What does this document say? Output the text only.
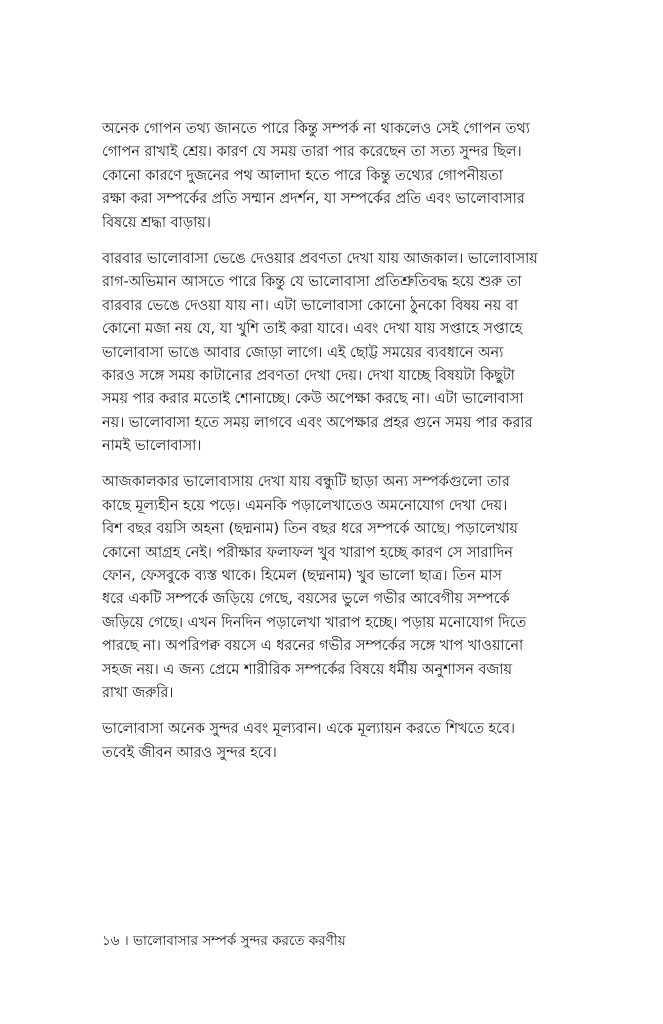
অনেক গোপন তথ্য জানতে পারে কিন্তু সম্পর্ক না থাকলেও সেই গোপন তথ্য
গোপন রাখাই শ্রেয়। কারণ যে সময় তারা পার করেছেন তা সত্য সুন্দর ছিল।
কোনো কারণে দুজনের পথ আলাদা হতে পারে কিন্তু তথ্যের গোপনীয়তা
রক্ষা করা সম্পর্কের প্রতি সম্মান প্রদর্শন, যা সম্পর্কের প্রতি এবং ভালোবাসার
বিষয়ে শ্রদ্ধা বাড়ায়।
বারবার ভালোবাসা ভেঙে দেওয়ার প্রবণতা দেখা যায় আজকাল। ভালোবাসায়
রাগ-অভিমান আসতে পারে কিন্তু যে ভালোবাসা প্রতিশ্রুতিবদ্ধ হয়ে শুরু তা
বারবার ভেঙে দেওয়া যায় না। এটা ভালোবাসা কোনো ঠুনকো বিষয় নয় বা
কোনো মজা নয় যে, যা খুশি তাই করা যাবে। এবং দেখা যায় সপ্তাহে সপ্তাহে
ভালোবাসা ভাঙে আবার জোড়া লাগে। এই ছোট্ট সময়ের ব্যবধানে অন্য
কারও সঙ্গে সময় কাটানোর প্রবণতা দেখা দেয়। দেখা যাচ্ছে বিষয়টা কিছুটা
সময় পার করার মতোই শোনাচ্ছে। কেউ অপেক্ষা করছে না। এটা ভালোবাসা
নয়। ভালোবাসা হতে সময় লাগবে এবং অপেক্ষার প্রহর গুনে সময় পার করার
নামই ভালোবাসা।
আজকালকার ভালোবাসায় দেখা যায় বন্ধুটি ছাড়া অন্য সম্পর্কগুলো তার
কাছে মূল্যহীন হয়ে পড়ে। এমনকি পড়ালেখাতেও অমনোযোগ দেখা দেয়।
বিশ বছর বয়সি অহনা (ছদ্মনাম) তিন বছর ধরে সম্পর্কে আছে। পড়ালেখায়
কোনো আগ্রহ নেই। পরীক্ষার ফলাফল খুব খারাপ হচ্ছে কারণ সে সারাদিন
ফোন, ফেসবুকে ব্যস্ত থাকে। হিমেল (ছদ্মনাম) খুব ভালো ছাত্র। তিন মাস
ধরে একটি সম্পর্কে জড়িয়ে গেছে, বয়সের ভুলে গভীর আবেগীয় সম্পর্কে
জড়িয়ে গেছে। এখন দিনদিন পড়ালেখা খারাপ হচ্ছে। পড়ায় মনোযোগ দিতে
পারছে না। অপরিপক্ব বয়সে এ ধরনের গভীর সম্পর্কের সঙ্গে খাপ খাওয়ানো
সহজ নয়। এ জন্য প্রেমে শারীরিক সম্পর্কের বিষয়ে ধর্মীয় অনুশাসন বজায়
রাখা জরুরি।
ভালোবাসা অনেক সুন্দর এবং মূল্যবান। একে মূল্যায়ন করতে শিখতে হবে।
তবেই জীবন আরও সুন্দর হবে।
১৬ । ভালোবাসার সম্পর্ক সুন্দর করতে করণীয়
